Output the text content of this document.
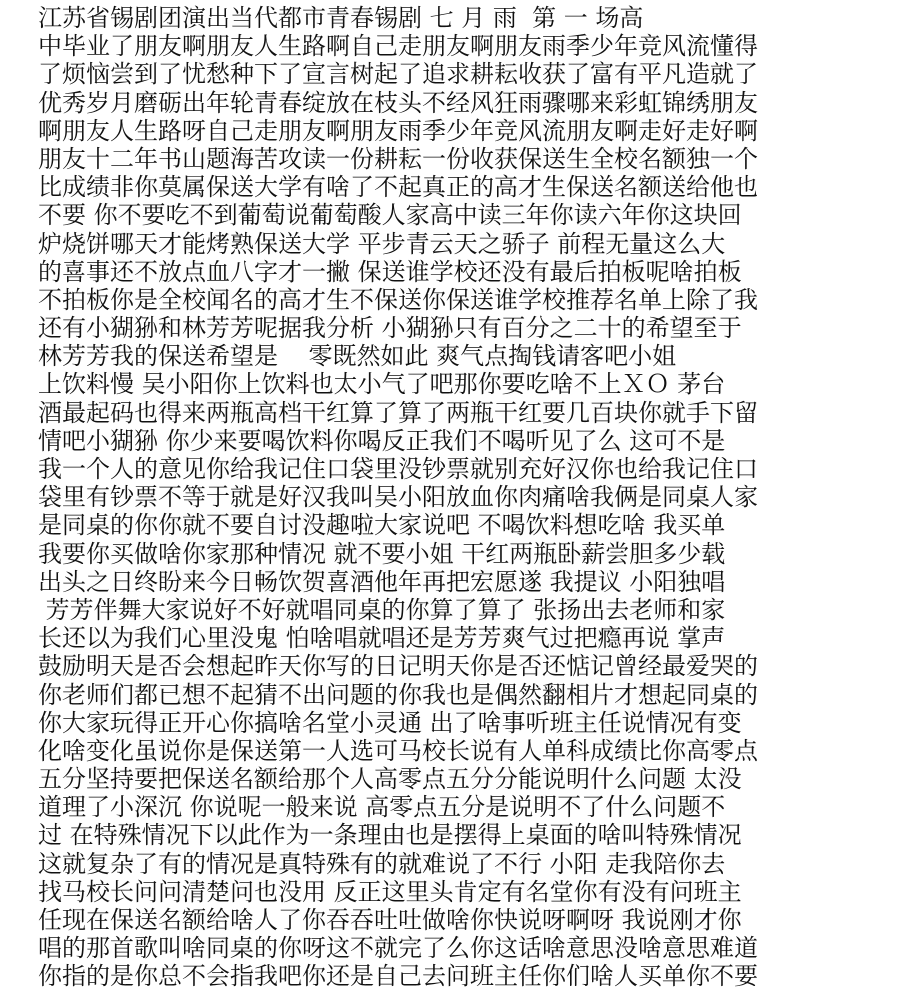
江苏省锡剧团演出当代都市青春锡剧 七 月 雨  第 一 场高
中毕业了朋友啊朋友人生路啊自己走朋友啊朋友雨季少年竞风流懂得
了烦恼尝到了忧愁种下了宣言树起了追求耕耘收获了富有平凡造就了
优秀岁月磨砺出年轮青春绽放在枝头不经风狂雨骤哪来彩虹锦绣朋友
啊朋友人生路呀自己走朋友啊朋友雨季少年竞风流朋友啊走好走好啊
朋友十二年书山题海苦攻读一份耕耘一份收获保送生全校名额独一个
比成绩非你莫属保送大学有啥了不起真正的高才生保送名额送给他也
不要 你不要吃不到葡萄说葡萄酸人家高中读三年你读六年你这块回
炉烧饼哪天才能烤熟保送大学 平步青云天之骄子 前程无量这么大
的喜事还不放点血八字才一撇 保送谁学校还没有最后拍板呢啥拍板
不拍板你是全校闻名的高才生不保送你保送谁学校推荐名单上除了我
还有小猢狲和林芳芳呢据我分析 小猢狲只有百分之二十的希望至于
林芳芳我的保送希望是    零既然如此 爽气点掏钱请客吧小姐
上饮料慢 吴小阳你上饮料也太小气了吧那你要吃啥不上ＸＯ 茅台
酒最起码也得来两瓶高档干红算了算了两瓶干红要几百块你就手下留
情吧小猢狲 你少来要喝饮料你喝反正我们不喝听见了么 这可不是
我一个人的意见你给我记住口袋里没钞票就别充好汉你也给我记住口
袋里有钞票不等于就是好汉我叫吴小阳放血你肉痛啥我俩是同桌人家
是同桌的你你就不要自讨没趣啦大家说吧 不喝饮料想吃啥 我买单
我要你买做啥你家那种情况 就不要小姐 干红两瓶卧薪尝胆多少载
出头之日终盼来今日畅饮贺喜酒他年再把宏愿遂 我提议 小阳独唱
芳芳伴舞大家说好不好就唱同桌的你算了算了 张扬出去老师和家
长还以为我们心里没鬼 怕啥唱就唱还是芳芳爽气过把瘾再说 掌声
鼓励明天是否会想起昨天你写的日记明天你是否还惦记曾经最爱哭的
你老师们都已想不起猜不出问题的你我也是偶然翻相片才想起同桌的
你大家玩得正开心你搞啥名堂小灵通 出了啥事听班主任说情况有变
化啥变化虽说你是保送第一人选可马校长说有人单科成绩比你高零点
五分坚持要把保送名额给那个人高零点五分分能说明什么问题 太没
道理了小深沉 你说呢一般来说 高零点五分是说明不了什么问题不
过 在特殊情况下以此作为一条理由也是摆得上桌面的啥叫特殊情况
这就复杂了有的情况是真特殊有的就难说了不行 小阳 走我陪你去
找马校长问问清楚问也没用 反正这里头肯定有名堂你有没有问班主
任现在保送名额给啥人了你吞吞吐吐做啥你快说呀啊呀 我说刚才你
唱的那首歌叫啥同桌的你呀这不就完了么你这话啥意思没啥意思难道
你指的是你总不会指我吧你还是自己去问班主任你们啥人买单你不要
